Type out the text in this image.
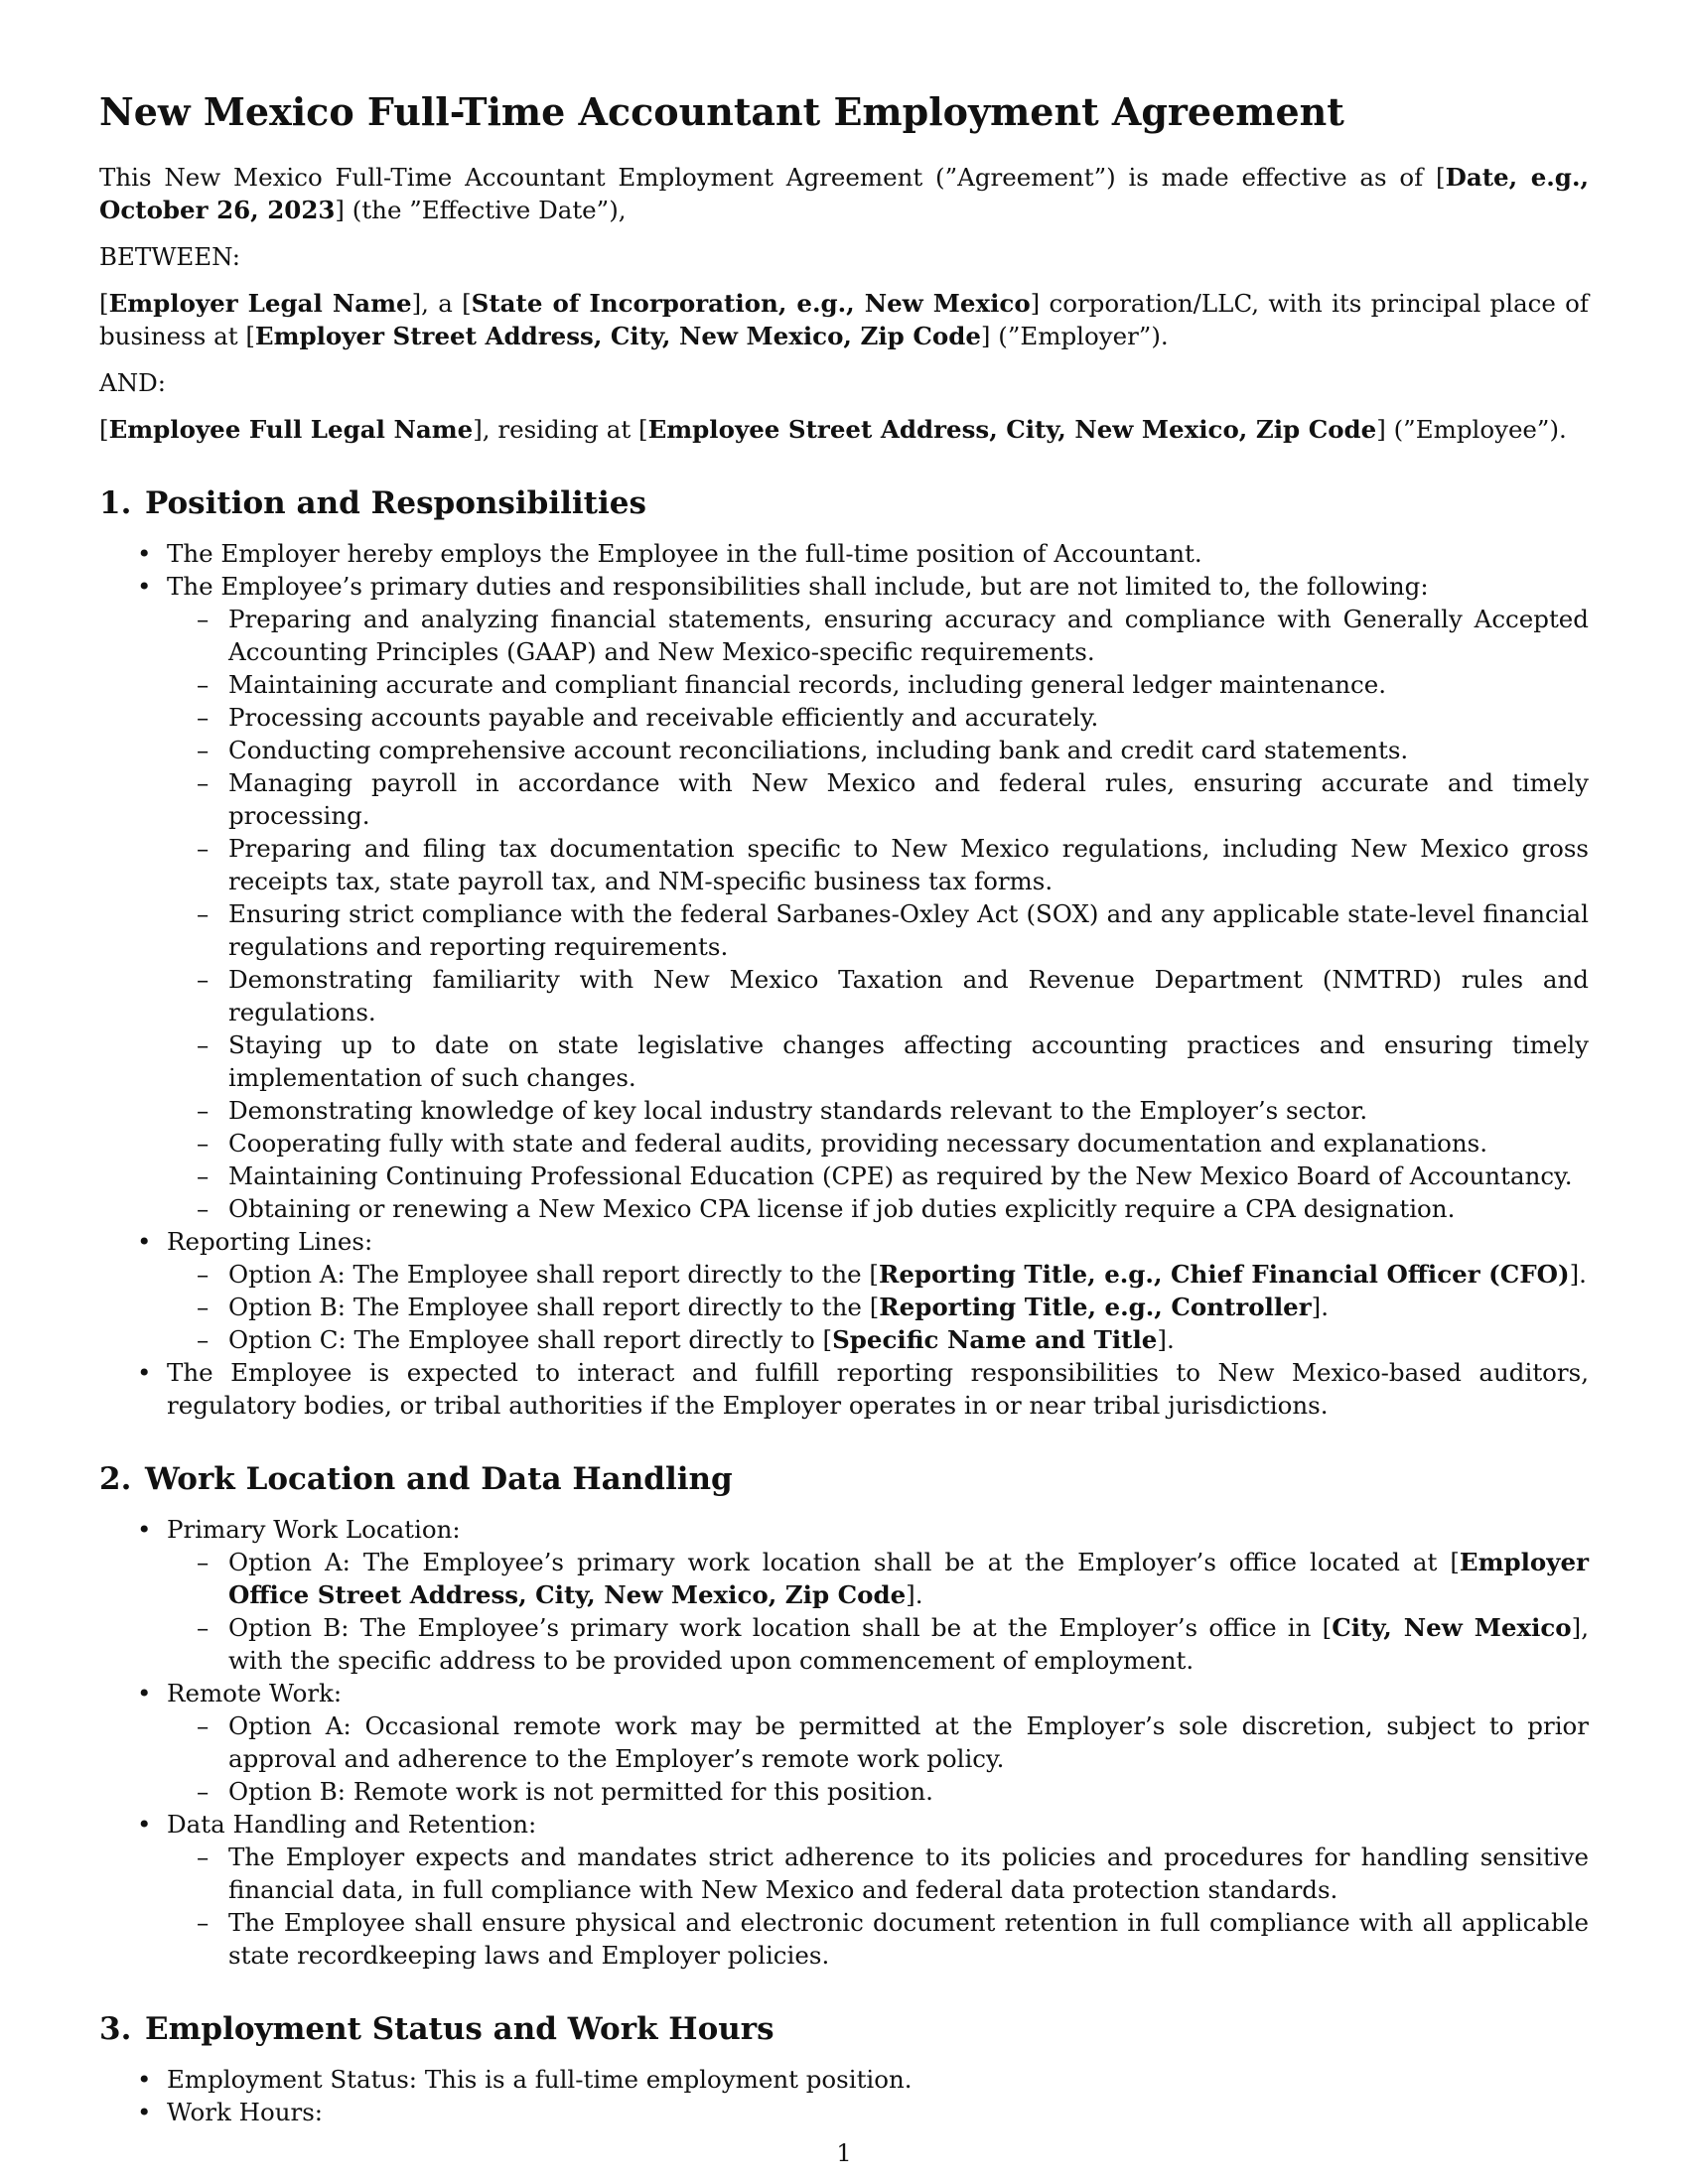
New Mexico Full-Time Accountant Employment Agreement

This New Mexico Full-Time Accountant Employment Agreement (”Agreement”) is made effective as of [Date, e.g., October 26, 2023] (the ”Effective Date”),

BETWEEN:

[Employer Legal Name], a [State of Incorporation, e.g., New Mexico] corporation/LLC, with its principal place of business at [Employer Street Address, City, New Mexico, Zip Code] (”Employer”).

AND:

[Employee Full Legal Name], residing at [Employee Street Address, City, New Mexico, Zip Code] (”Employee”).

1. Position and Responsibilities
• The Employer hereby employs the Employee in the full-time position of Accountant.
• The Employee’s primary duties and responsibilities shall include, but are not limited to, the following:
– Preparing and analyzing financial statements, ensuring accuracy and compliance with Generally Accepted Accounting Principles (GAAP) and New Mexico-specific requirements.
– Maintaining accurate and compliant financial records, including general ledger maintenance.
– Processing accounts payable and receivable efficiently and accurately.
– Conducting comprehensive account reconciliations, including bank and credit card statements.
– Managing payroll in accordance with New Mexico and federal rules, ensuring accurate and timely processing.
– Preparing and filing tax documentation specific to New Mexico regulations, including New Mexico gross receipts tax, state payroll tax, and NM-specific business tax forms.
– Ensuring strict compliance with the federal Sarbanes-Oxley Act (SOX) and any applicable state-level financial regulations and reporting requirements.
– Demonstrating familiarity with New Mexico Taxation and Revenue Department (NMTRD) rules and regulations.
– Staying up to date on state legislative changes affecting accounting practices and ensuring timely implementation of such changes.
– Demonstrating knowledge of key local industry standards relevant to the Employer’s sector.
– Cooperating fully with state and federal audits, providing necessary documentation and explanations.
– Maintaining Continuing Professional Education (CPE) as required by the New Mexico Board of Accountancy.
– Obtaining or renewing a New Mexico CPA license if job duties explicitly require a CPA designation.
• Reporting Lines:
– Option A: The Employee shall report directly to the [Reporting Title, e.g., Chief Financial Officer (CFO)].
– Option B: The Employee shall report directly to the [Reporting Title, e.g., Controller].
– Option C: The Employee shall report directly to [Specific Name and Title].
• The Employee is expected to interact and fulfill reporting responsibilities to New Mexico-based auditors, regulatory bodies, or tribal authorities if the Employer operates in or near tribal jurisdictions.
2. Work Location and Data Handling
• Primary Work Location:
– Option A: The Employee’s primary work location shall be at the Employer’s office located at [Employer Office Street Address, City, New Mexico, Zip Code].
– Option B: The Employee’s primary work location shall be at the Employer’s office in [City, New Mexico], with the specific address to be provided upon commencement of employment.
• Remote Work:
– Option A: Occasional remote work may be permitted at the Employer’s sole discretion, subject to prior approval and adherence to the Employer’s remote work policy.
– Option B: Remote work is not permitted for this position.
• Data Handling and Retention:
– The Employer expects and mandates strict adherence to its policies and procedures for handling sensitive financial data, in full compliance with New Mexico and federal data protection standards.
– The Employee shall ensure physical and electronic document retention in full compliance with all applicable state recordkeeping laws and Employer policies.
3. Employment Status and Work Hours
• Employment Status: This is a full-time employment position.
• Work Hours:
1
